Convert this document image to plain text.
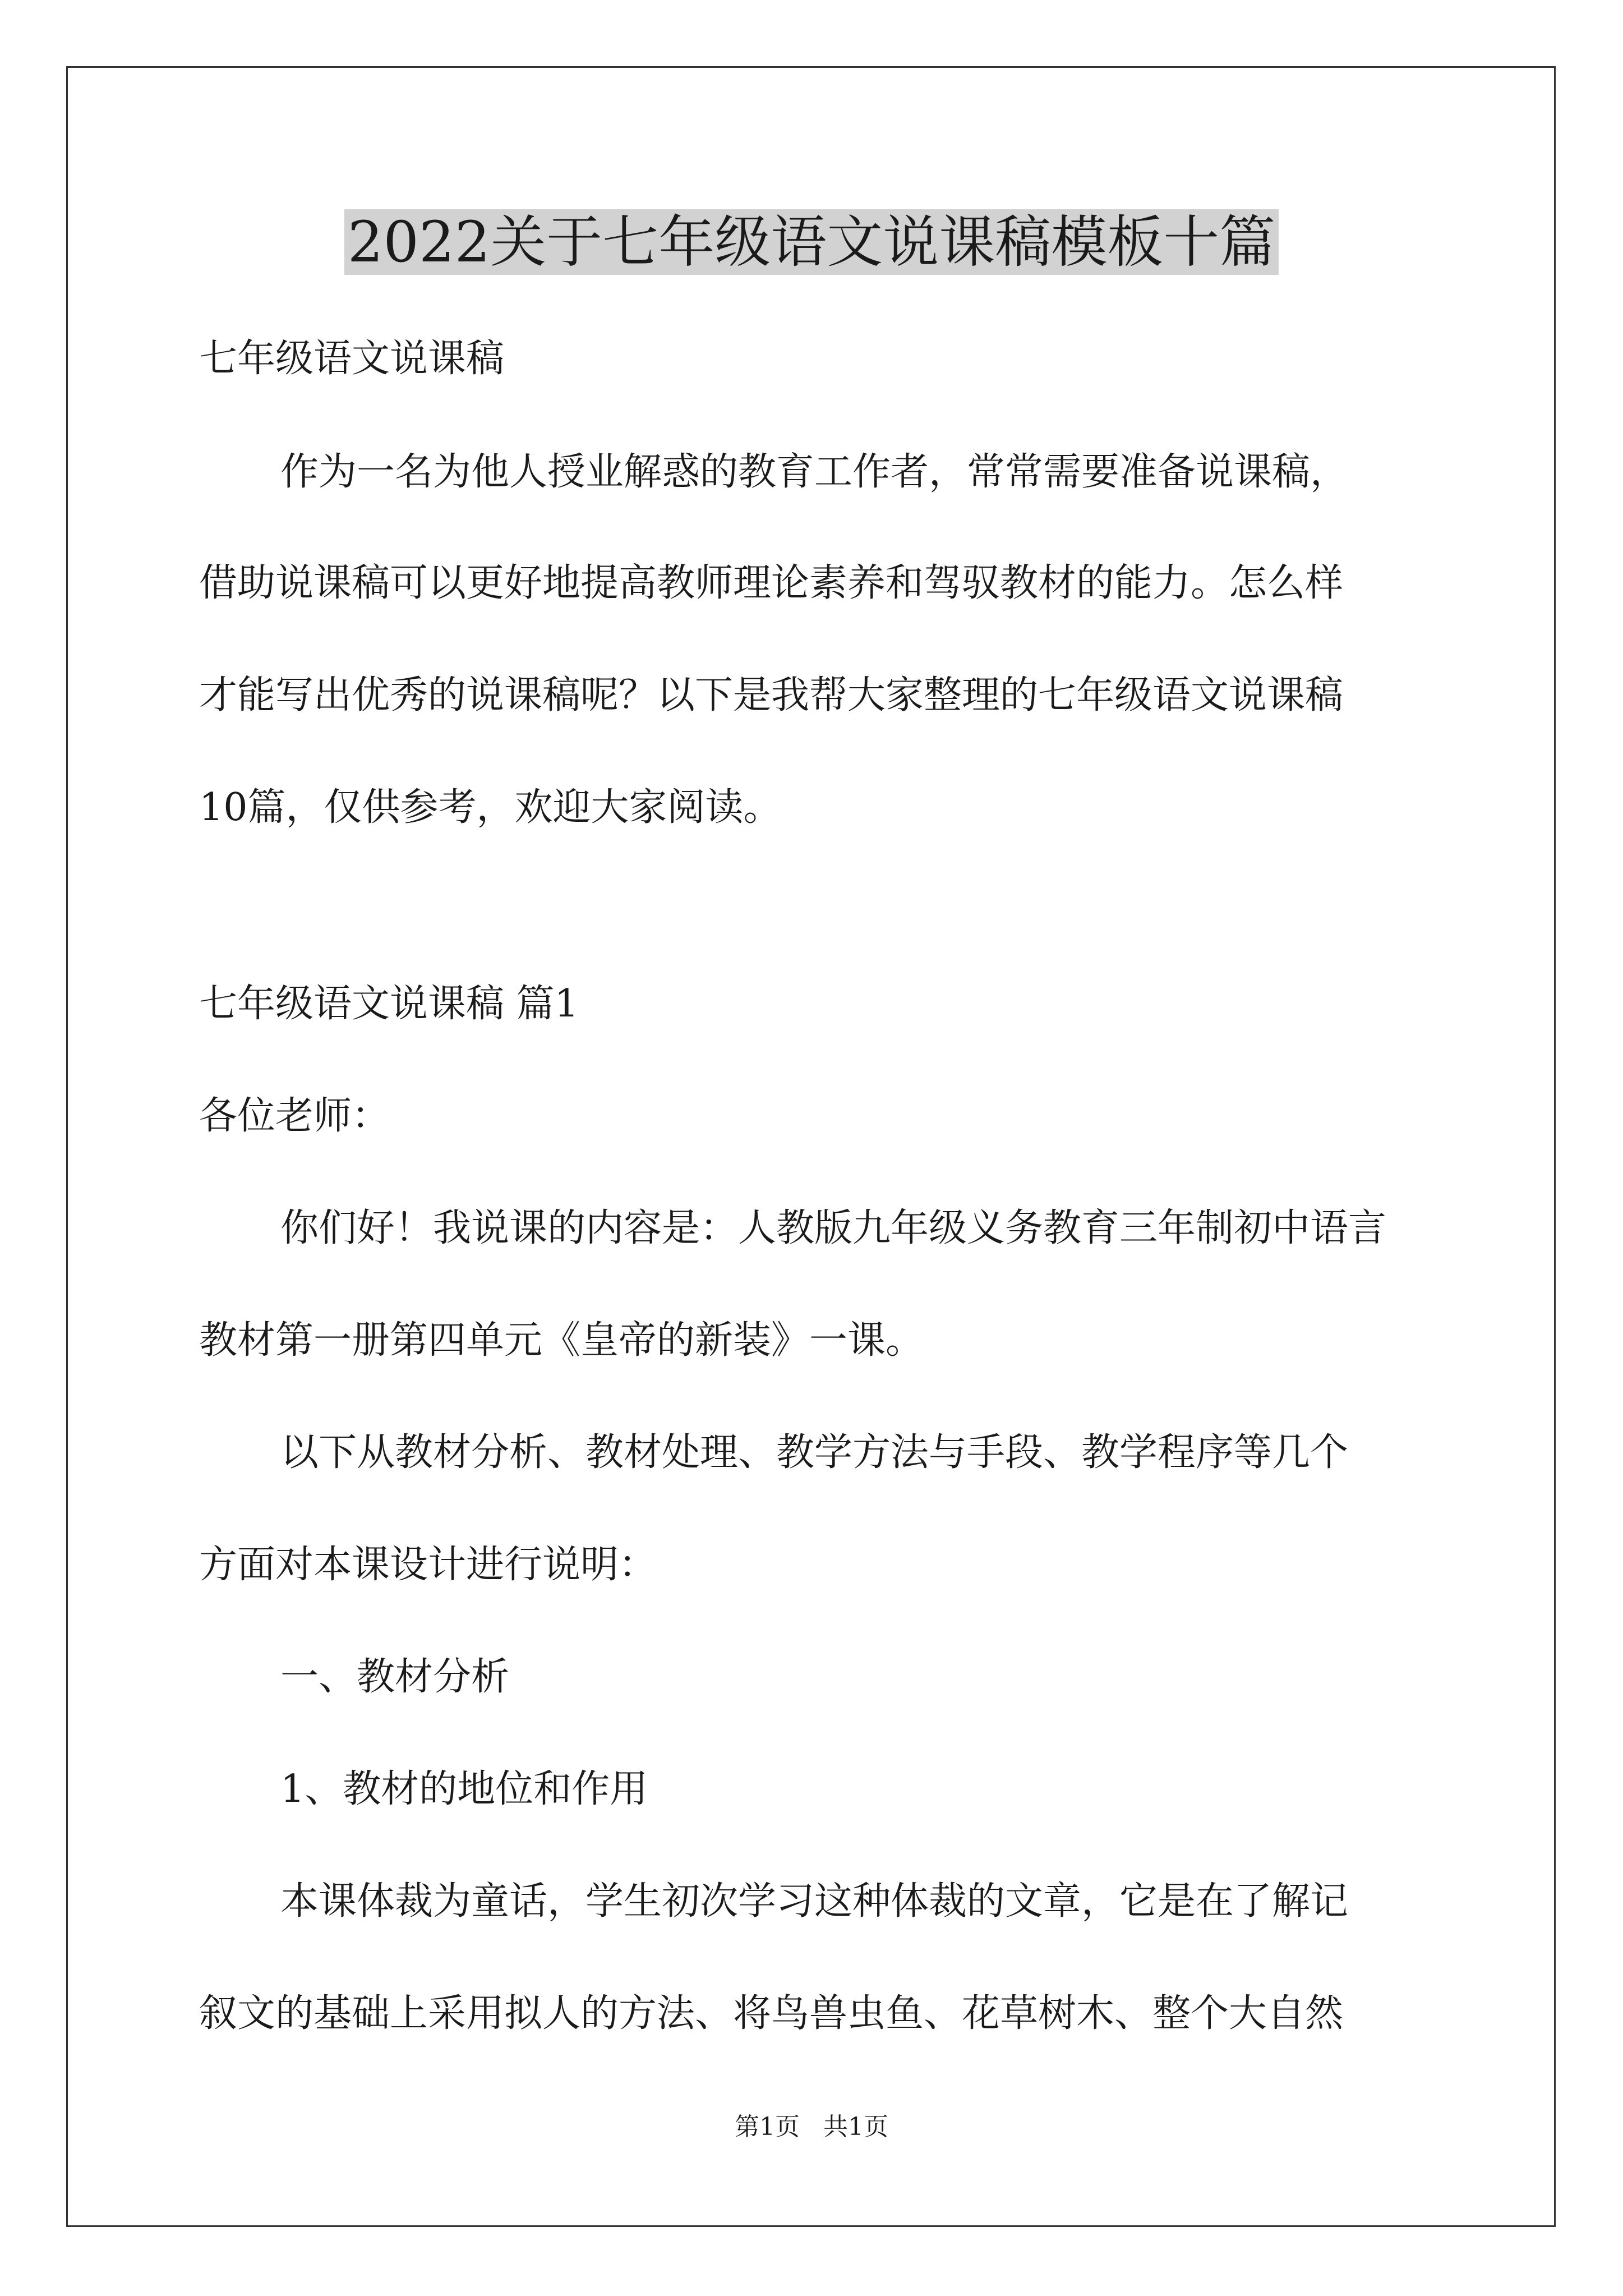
2022关于七年级语文说课稿模板十篇
七年级语文说课稿
作为一名为他人授业解惑的教育工作者，常常需要准备说课稿，
借助说课稿可以更好地提高教师理论素养和驾驭教材的能力。怎么样
才能写出优秀的说课稿呢？以下是我帮大家整理的七年级语文说课稿
10篇，仅供参考，欢迎大家阅读。
七年级语文说课稿 篇1
各位老师：
你们好！我说课的内容是：人教版九年级义务教育三年制初中语言
教材第一册第四单元《皇帝的新装》一课。
以下从教材分析、教材处理、教学方法与手段、教学程序等几个
方面对本课设计进行说明：
一、教材分析
1、教材的地位和作用
本课体裁为童话，学生初次学习这种体裁的文章，它是在了解记
叙文的基础上采用拟人的方法、将鸟兽虫鱼、花草树木、整个大自然
第1页   共1页
